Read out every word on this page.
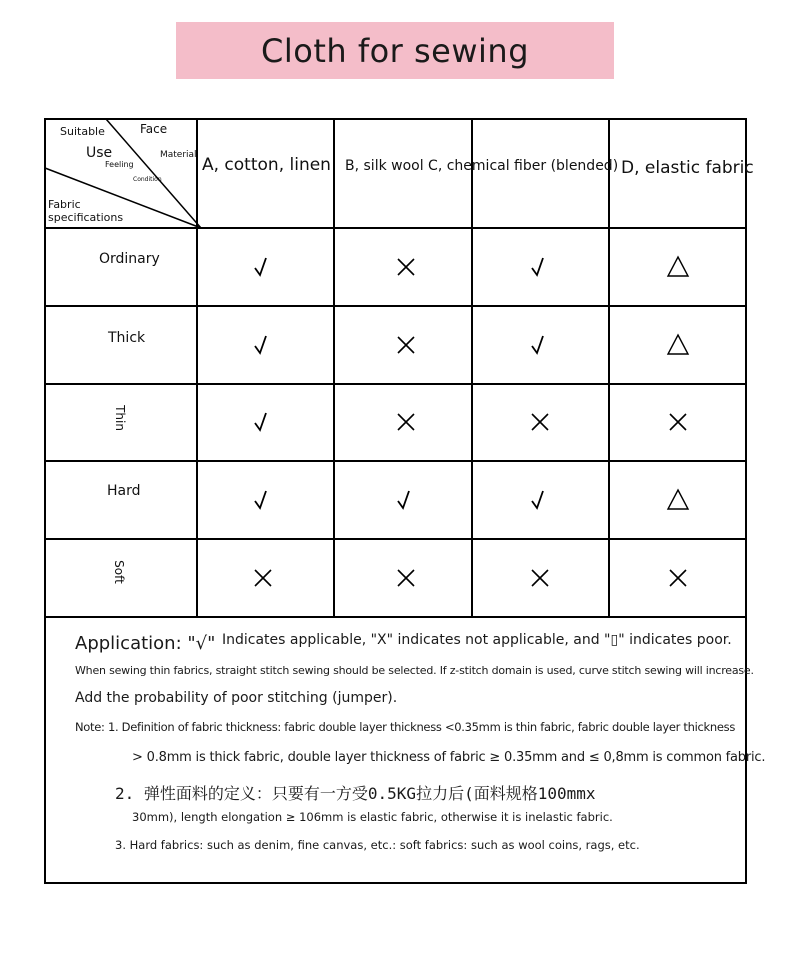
Cloth for sewing
Suitable	Face
Use	Material
Feeling
Condition
Fabric
specifications
A, cotton, linen B, silk wool C, chemical fiber (blended) D, elastic fabric
Ordinary
Thick
Thin
Hard
Soft
Application: "√" Indicates applicable, "X" indicates not applicable, and "▯" indicates poor.
When sewing thin fabrics, straight stitch sewing should be selected. If z-stitch domain is used, curve stitch sewing will increase.
Add the probability of poor stitching (jumper).
Note: 1. Definition of fabric thickness: fabric double layer thickness <0.35mm is thin fabric, fabric double layer thickness
> 0.8mm is thick fabric, double layer thickness of fabric ≥ 0.35mm and ≤ 0,8mm is common fabric.
2. 弹性面料的定义：只要有一方受0.5KG拉力后(面料规格100mmx
30mm), length elongation ≥ 106mm is elastic fabric, otherwise it is inelastic fabric.
3. Hard fabrics: such as denim, fine canvas, etc.: soft fabrics: such as wool coins, rags, etc.
